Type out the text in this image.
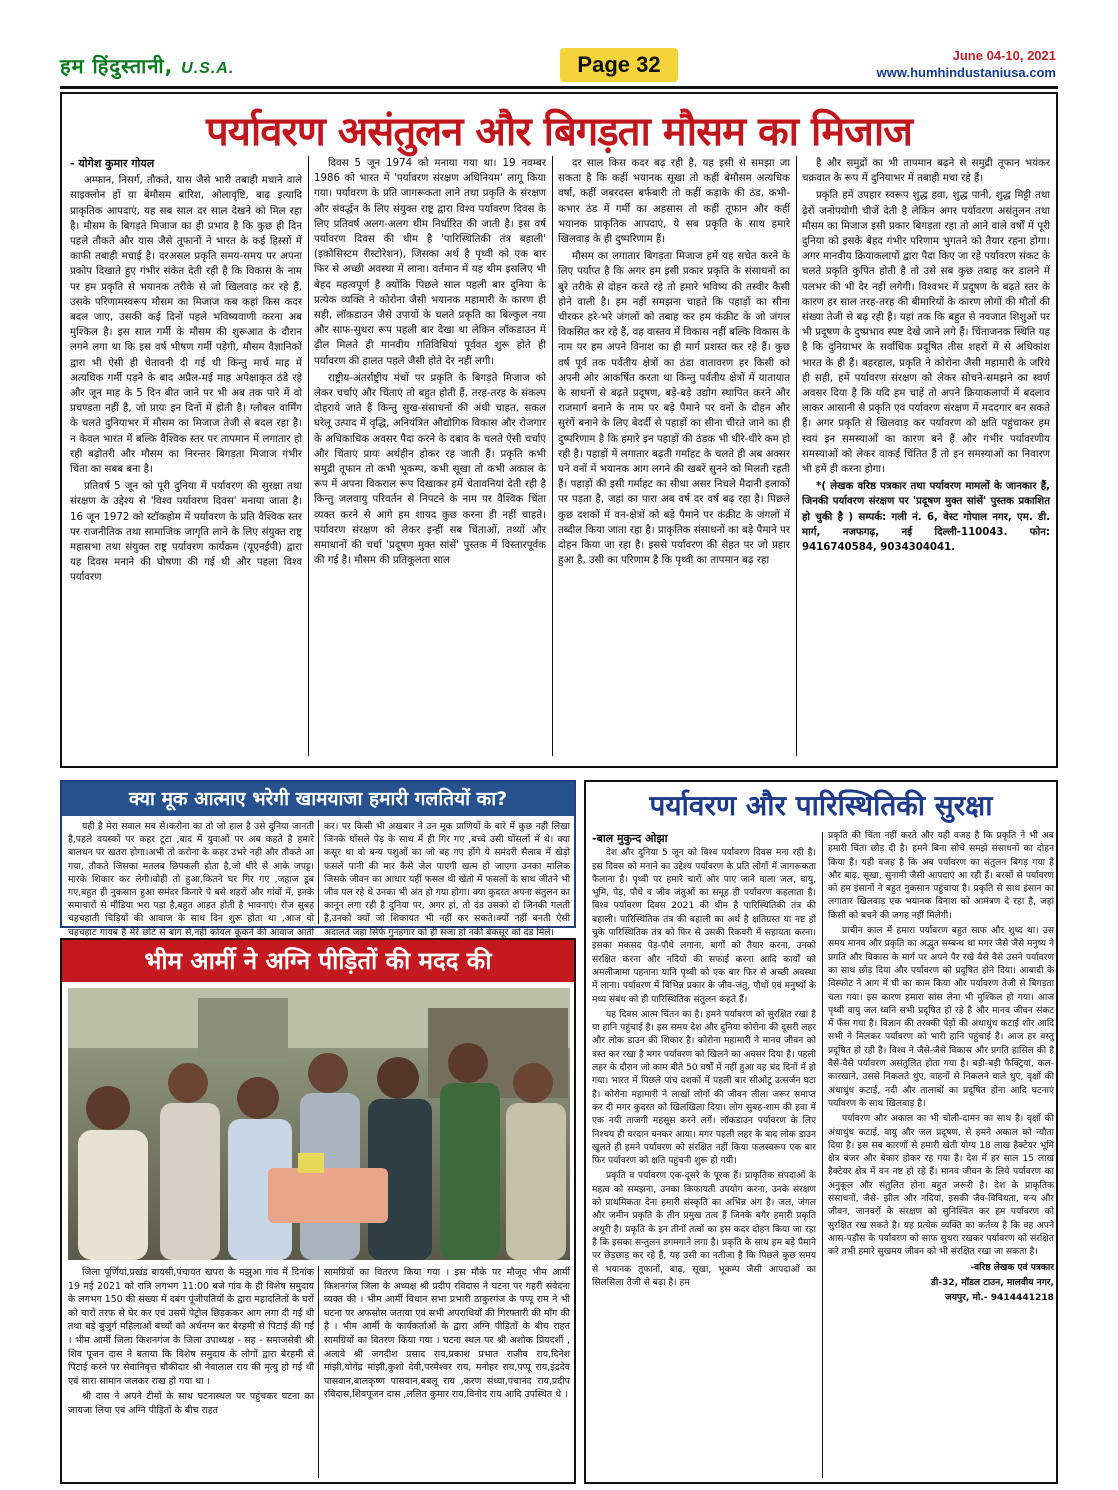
हम हिंदुस्तानी, U.S.A.	Page 32	June 04-10, 2021
www.humhindustaniusa.com
पर्यावरण असंतुलन और बिगड़ता मौसम का मिजाज

- योगेश कुमार गोयल

अम्फान, निसर्ग, तौकते, यास जैसे भारी तबाही मचाने वाले साइक्लोन हों या बेमौसम बारिश, ओलावृष्टि, बाढ़ इत्यादि प्राकृतिक आपदाएं, यह सब साल दर साल देखने को मिल रहा है। मौसम के बिगड़ते मिजाज का ही प्रभाव है कि कुछ ही दिन पहले तौकते और यास जैसे तूफानों ने भारत के कई हिस्सों में काफी तबाही मचाई है। दरअसल प्रकृति समय-समय पर अपना प्रकोप दिखाते हुए गंभीर संकेत देती रही है कि विकास के नाम पर हम प्रकृति से भयानक तरीके से जो खिलवाड़ कर रहे हैं, उसके परिणामस्वरूप मौसम का मिजाज कब कहां किस कदर बदल जाए, उसकी कई दिनों पहले भविष्यवाणी करना अब मुश्किल है। इस साल गर्मी के मौसम की शुरूआत के दौरान लगने लगा था कि इस वर्ष भीषण गर्मी पड़ेगी, मौसम वैज्ञानिकों द्वारा भी ऐसी ही चेतावनी दी गई थी किन्तु मार्च माह में अत्यधिक गर्मी पड़ने के बाद अप्रैल-मई माह अपेक्षाकृत ठंडे रहे और जून माह के 5 दिन बीत जाने पर भी अब तक पारे में वो प्रचण्डता नहीं है, जो प्रायः इन दिनों में होती है। ग्लोबल वार्मिंग के चलते दुनियाभर में मौसम का मिजाज तेजी से बदल रहा है। न केवल भारत में बल्कि वैश्विक स्तर पर तापमान में लगातार हो रही बढ़ोतरी और मौसम का निरन्तर बिगड़ता मिजाज गंभीर चिंता का सबब बना है।

प्रतिवर्ष 5 जून को पूरी दुनिया में पर्यावरण की सुरक्षा तथा संरक्षण के उद्देश्य से 'विश्व पर्यावरण दिवस' मनाया जाता है। 16 जून 1972 को स्टॉकहोम में पर्यावरण के प्रति वैश्विक स्तर पर राजनीतिक तथा सामाजिक जागृति लाने के लिए संयुक्त राष्ट्र महासभा तथा संयुक्त राष्ट्र पर्यावरण कार्यक्रम (यूएनईपी) द्वारा यह दिवस मनाने की घोषणा की गई थी और पहला विश्व पर्यावरण

दिवस 5 जून 1974 को मनाया गया था। 19 नवम्बर 1986 को भारत में 'पर्यावरण संरक्षण अधिनियम' लागू किया गया। पर्यावरण के प्रति जागरूकता लाने तथा प्रकृति के संरक्षण और संवर्द्धन के लिए संयुक्त राष्ट्र द्वारा विश्व पर्यावरण दिवस के लिए प्रतिवर्ष अलग-अलग थीम निर्धारित की जाती है। इस वर्ष पर्यावरण दिवस की थीम है 'पारिस्थितिकी तंत्र बहाली' (इकोसिस्टम रीस्टोरेशन), जिसका अर्थ है पृथ्वी को एक बार फिर से अच्छी अवस्था में लाना। वर्तमान में यह थीम इसलिए भी बेहद महत्वपूर्ण है क्योंकि पिछले साल पहली बार दुनिया के प्रत्येक व्यक्ति ने कोरोना जैसी भयानक महामारी के कारण ही सही, लॉकडाउन जैसे उपायों के चलते प्रकृति का बिल्कुल नया और साफ-सुथरा रूप पहली बार देखा था लेकिन लॉकडाउन में ढ़ील मिलते ही मानवीय गतिविधियां पूर्ववत शुरू होते ही पर्यावरण की हालत पहले जैसी होते देर नहीं लगी।

राष्ट्रीय-अंतर्राष्ट्रीय मंचों पर प्रकृति के बिगड़ते मिजाज को लेकर चर्चाएं और चिंताएं तो बहुत होती हैं, तरह-तरह के संकल्प दोहराये जाते हैं किन्तु सुख-संसाधनों की अंधी चाहत, सकल घरेलू उत्पाद में वृद्धि, अनियंत्रित औद्योगिक विकास और रोजगार के अधिकाधिक अवसर पैदा करने के दबाव के चलते ऐसी चर्चाएं और चिंताएं प्रायः अर्थहीन होकर रह जाती हैं। प्रकृति कभी समुद्री तूफान तो कभी भूकम्प, कभी सूखा तो कभी अकाल के रूप में अपना विकराल रूप दिखाकर हमें चेतावनियां देती रही है किन्तु जलवायु परिवर्तन से निपटने के नाम पर वैश्विक चिंता व्यक्त करने से आगे हम शायद कुछ करना ही नहीं चाहते। पर्यावरण संरक्षण को लेकर इन्हीं सब चिंताओं, तथ्यों और समाधानों की चर्चा 'प्रदूषण मुक्त सांसें' पुस्तक में विस्तारपूर्वक की गई है। मौसम की प्रतिकूलता साल

दर साल किस कदर बढ़ रही है, यह इसी से समझा जा सकता है कि कहीं भयानक सूखा तो कहीं बेमौसम अत्यधिक वर्षा, कहीं जबरदस्त बर्फबारी तो कहीं कड़ाके की ठंड, कभी-कभार ठंड में गर्मी का अहसास तो कहीं तूफान और कहीं भयानक प्राकृतिक आपदाएं, ये सब प्रकृति के साथ हमारे खिलवाड़ के ही दुष्परिणाम हैं।

मौसम का लगातार बिगड़ता मिजाज हमें यह सचेत करने के लिए पर्याप्त है कि अगर हम इसी प्रकार प्रकृति के संसाधनों का बुरे तरीके से दोहन करते रहे तो हमारे भविष्य की तस्वीर कैसी होने वाली है। हम नहीं समझना चाहते कि पहाड़ों का सीना चीरकर हरे-भरे जंगलों को तबाह कर हम कंक्रीट के जो जंगल विकसित कर रहे हैं, वह वास्तव में विकास नहीं बल्कि विकास के नाम पर हम अपने विनाश का ही मार्ग प्रशस्त कर रहे हैं। कुछ वर्ष पूर्व तक पर्वतीय क्षेत्रों का ठंडा वातावरण हर किसी को अपनी ओर आकर्षित करता था किन्तु पर्वतीय क्षेत्रों में यातायात के साधनों से बढ़ते प्रदूषण, बड़े-बड़े उद्योग स्थापित करने और राजमार्ग बनाने के नाम पर बड़े पैमाने पर वनों के दोहन और सुरंगें बनाने के लिए बेदर्दी से पहाड़ों का सीना चीरते जाने का ही दुष्परिणाम है कि हमारे इन पहाड़ों की ठंडक भी धीरे-धीरे कम हो रही है। पहाड़ों में लगातार बढ़ती गर्माहट के चलते ही अब अक्सर घने वनों में भयानक आग लगने की खबरें सुनने को मिलती रहती हैं। पहाड़ों की इसी गर्माहट का सीधा असर निचले मैदानी इलाकों पर पड़ता है, जहां का पारा अब वर्ष दर वर्ष बढ़ रहा है। पिछले कुछ दशकों में वन-क्षेत्रों को बड़े पैमाने पर कंक्रीट के जंगलों में तब्दील किया जाता रहा है। प्राकृतिक संसाधनों का बड़े पैमाने पर दोहन किया जा रहा है। इससे पर्यावरण की सेहत पर जो प्रहार हुआ है, उसी का परिणाम है कि पृथ्वी का तापमान बढ़ रहा

है और समुद्रों का भी तापमान बढ़ने से समुद्री तूफान भयंकर चक्रवात के रूप में दुनियाभर में तबाही मचा रहे हैं।

प्रकृति हमें उपहार स्वरूप शुद्ध हवा, शुद्ध पानी, शुद्ध मिट्टी तथा ढ़ेरों जनोपयोगी चीजें देती है लेकिन अगर पर्यावरण असंतुलन तथा मौसम का मिजाज इसी प्रकार बिगड़ता रहा तो आने वाले वर्षों में पूरी दुनिया को इसके बेहद गंभीर परिणाम भुगतने को तैयार रहना होगा। अगर मानवीय क्रियाकलापों द्वारा पैदा किए जा रहे पर्यावरण संकट के चलते प्रकृति कुपित होती है तो उसे सब कुछ तबाह कर डालने में पलभर की भी देर नहीं लगेगी। विश्वभर में प्रदूषण के बढ़ते स्तर के कारण हर साल तरह-तरह की बीमारियों के कारण लोगों की मौतों की संख्या तेजी से बढ़ रही है। यहां तक कि बहुत से नवजात शिशुओं पर भी प्रदूषण के दुष्प्रभाव स्पष्ट देखे जाने लगे हैं। चिंताजनक स्थिति यह है कि दुनियाभर के सर्वाधिक प्रदूषित तीस शहरों में से अधिकांश भारत के ही हैं। बहरहाल, प्रकृति ने कोरोना जैसी महामारी के जरिये ही सही, हमें पर्यावरण संरक्षण को लेकर सोचने-समझने का स्वर्ण अवसर दिया है कि यदि हम चाहें तो अपने क्रियाकलापों में बदलाव लाकर आसानी से प्रकृति एवं पर्यावरण संरक्षण में मददगार बन सकते हैं। अगर प्रकृति से खिलवाड़ कर पर्यावरण को क्षति पहुंचाकर हम स्वयं इन समस्याओं का कारण बने हैं और गंभीर पर्यावरणीय समस्याओं को लेकर वाकई चिंतित हैं तो इन समस्याओं का निवारण भी हमें ही करना होगा।

*( लेखक वरिष्ठ पत्रकार तथा पर्यावरण मामलों के जानकार हैं, जिनकी पर्यावरण संरक्षण पर 'प्रदूषण मुक्त सांसें' पुस्तक प्रकाशित हो चुकी है ) सम्पर्क: गली नं. 6, वेस्ट गोपाल नगर, एम. डी. मार्ग, नजफगढ़, नई दिल्ली-110043. फोन: 9416740584, 9034304041.

क्या मूक आत्माए भरेगी खामयाजा हमारी गलतियों का?

यही है मेरा सवाल सब से।करोना का तो जो हाल है उसे दुनिया जानती है,पहले वयस्कों पर कहर टूटा ,बाद में युवाओं पर अब कहते है हमारे बालधन पर खतरा होगा।अभी तो करोना के कहर उभरे नही और तौकते आ गया, तौकते जिसका मतलब छिपकली होता है,जो धीरे से आके जपट्ट। मारके शिकार कर लेगी।वोही तो हुआ,कितने घर गिर गए ,जहाज डूब गए,बहुत ही नुकसान हुआ समंदर किनारे पे बसे शहरों और गांवों में, इनके समाचारों से मीडिया भरा पड़ा है,बहुत आहत होती है भावनाएं। रोज सुबह चहचहाती चिड़ियों की आवाज के साथ दिन शुरू होता था ,आज वो चहचहाट गायब है मेरे छोटे से बाग से,नही कोयल कूकने की आवाज आती

कर। पर किसी भी अखबार ने उन मूक प्राणियों के बारे में कुछ नही लिखा जिनके घोंसले पेड़ के साथ में ही गिर गए ,बच्चे उसी घोंसलों में थे। क्या कसूर था वो बन्य पशुओं का जो बह गए होंगे ये समंदरी सैलाब में खेड़ो फसलें पानी की मार कैसे जेल पाएगी खत्म हो जाएगा उनका मालिक जिसके जीवन का आधार यहीं फसल थी खेतो में फसलों के साथ जीतने भी जीव पल रहे थे उनका भी अंत हो गया होगा। क्या कुदरत अपना संतुलन का कानून लगा रही है दुनिया पर, अगर हां, तो दंड उसको दो जिनकी गलती है,उनको क्यों जो शिकायत भी नहीं कर सकते।क्यों नहीं बनती ऐसी अदालतें जहा सिर्फ गुनहगार को ही सजा हो नकी बेकसूर को दंड मिले।

भीम आर्मी ने अग्नि पीड़ितों की मदद की

जिला पूर्णियां,प्रखंड बायसी,पंचायत खपरा के मझुआ गांव में दिनांक 19 मई 2021 को रात्रि लगभग 11:00 बजे गांव के ही विशेष समुदाय के लगभग 150 की संख्या में दबंग पूंजीपतियों के द्वारा महादलितों के घरों को चारों तरफ से घेर कर एवं उसमें पेट्रोल छिड़ककर आग लगा दी गई थी तथा बड़े बुजुर्ग महिलाओं बच्चों को अर्धनग्न कर बेरहमी से पिटाई की गई । भीम आर्मी जिला किशनगंज के जिला उपाध्यक्ष - सह - समाजसेवी श्री शिव पूजन दास ने बताया कि विशेष समुदाय के लोगों द्वारा बेरहमी से पिटाई करने पर सेवानिवृत्त चौकीदार श्री नेवालाल राय की मृत्यु हो गई थी एवं सारा सामान जलकर राख हो गया था ।

श्री दास ने अपने टीमों के साथ घटनास्थल पर पहुंचकर घटना का जायजा लिया एवं अग्नि पीड़ितों के बीच राहत

सामग्रियों का वितरण किया गया । इस मौके पर मौजूद भीम आर्मी किशनगंज जिला के अध्यक्ष श्री प्रदीप रविदास ने घटना पर गहरी संवेदना व्यक्त की । भीम आर्मी विधान सभा प्रभारी ठाकुरगंज के पप्पू राम ने भी घटना पर अफसोस जताया एवं सभी अपराधियों की गिरफ्तारी की माँग की है । भीम आर्मी के कार्यकर्ताओं के द्वारा अग्नि पीड़ितों के बीच राहत सामग्रियों का वितरण किया गया । घटना स्थल पर श्री अशोक प्रियदर्शी , अलावे श्री जगदीश प्रसाद राय,प्रकाश प्रभात राजीव राय,दिनेश मांझी,योगेंद्र मांझी,कुशो देवी,परमेश्वर राय, मनोहर राय,पप्पू राय,इंद्रदेव पासवान,बालकृष्ण पासवान,बबलू राय ,करण संध्या,पंचानंद राय,प्रदीप रविदास,शिवपूजन दास ,ललित कुमार राय,विनोद राय आदि उपस्थित थे ।

पर्यावरण और पारिस्थितिकी सुरक्षा

-बाल मुकुन्द ओझा

देश और दुनिया 5 जून को विश्व पर्यावरण दिवस मना रही है। इस दिवस को मनाने का उद्देश्य पर्यावरण के प्रति लोगों में जागरूकता फैलाना है। पृथ्वी पर हमारे चारों ओर पाए जाने वाला जल, वायु, भूमि, पेड़, पौधे व जीव जंतुओं का समूह ही पर्यावरण कहलाता है। विश्व पर्यावरण दिवस 2021 की थीम है पारिस्थितिकी तंत्र की बहाली। पारिस्थितिक तंत्र की बहाली का अर्थ है क्षतिग्रस्त या नष्ट हो चुके पारिस्थितिक तंत्र को फिर से उसकी रिकवरी में सहायता करना। इसका मकसद पेड़-पौधे लगाना, बागों को तैयार करना, उनको संरक्षित करना और नदियों की सफाई करना आदि कार्यों को अमलीजामा पहनाना यानि पृथ्वी को एक बार फिर से अच्छी अवस्था में लाना। पर्यावरण में विभिन्न प्रकार के जीव-जंतु, पौधों एवं मनुष्यों के मध्य संबंध को ही पारिस्थितिक संतुलन कहते हैं।

यह दिवस आत्म चिंतन का है। हमने पर्यावरण को सुरक्षित रखा है या हानि पहुंचाई है। इस समय देश और दुनिया कोरोना की दूसरी लहर और लोक डाउन की शिकार है। कोरोना महामारी ने मानव जीवन को त्रस्त कर रखा है मगर पर्यावरण को खिलने का अवसर दिया है। पहली लहर के दौरान जो काम बीते 50 वर्षों में नहीं हुआ वह चंद दिनों में हो गया। भारत में पिछले पांच दशकों में पहली बार सीओटू उत्सर्जन घटा है। कोरोना महामारी ने लाखों लोगों की जीवन लीला जरूर समाप्त कर दी मगर कुदरत को खिलखिला दिया। लोग सुबह-शाम की हवा में एक नयी ताजगी महसूस करने लगें। लॉकडाउन पर्यावरण के लिए निश्चय ही वरदान बनकर आया। मगर पहली लहर के बाद लोक डाउन खुलते ही हमने पर्यावरण को संरक्षित नहीं किया फलस्वरूप एक बार फिर पर्यावरण को क्षति पहुंचनी शुरू हो गयी।

प्रकृति व पर्यावरण एक-दूसरे के पूरक हैं। प्राकृतिक संपदाओं के महत्व को समझना, उनका किफायती उपयोग करना, उनके संरक्षण को प्राथमिकता देना हमारी संस्कृति का अभिन्न अंग है। जल, जंगल और जमीन प्रकृति के तीन प्रमुख तत्व हैं जिनके बगैर हमारी प्रकृति अधूरी है। प्रकृति के इन तीनों तत्वों का इस कदर दोहन किया जा रहा है कि इसका सन्तुलन डगमगाने लगा है। प्रकृति के साथ हम बड़े पैमाने पर छेड़छाड़ कर रहे हैं, यह उसी का नतीजा है कि पिछले कुछ समय से भयानक तूफानों, बाढ़, सूखा, भूकम्प जैसी आपदाओं का सिलसिला तेजी से बढ़ा है। हम

प्रकृति की चिंता नहीं करते और यही वजह है कि प्रकृति ने भी अब हमारी चिंता छोड़ दी है। हमने बिना सोचे समझे संसाधनों का दोहन किया है। यही वजह है कि अब पर्यावरण का संतुलन बिगड़ गया है और बाढ़, सूखा, सुनामी जैसी आपदाएं आ रही हैं। बरसों से पर्यावरण को हम इंसानों ने बहुत नुकसान पहुंचाया है। प्रकृति से साथ इंसान का लगातार खिलवाड़ एक भयानक विनाश को आमंत्रण दे रहा है, जहां किसी को बचने की जगह नहीं मिलेगी।

प्राचीन काल में हमारा पर्यावरण बहुत साफ और शुध्द था। उस समय मानव और प्रकृति का अद्भुत सम्बन्ध था मगर जैसे जैसे मनुष्य ने प्रगति और विकास के मार्ग पर अपने पैर रखे वैसे वैसे उसने पर्यावरण का साथ छोड़ दिया और पर्यावरण को प्रदूषित होने दिया। आबादी के विस्फोट ने आग में घी का काम किया और पर्यावरण तेजी से बिगड़ता चला गया। इस कारण हमारा सांस लेना भी मुश्किल हो गया। आज पृथ्वी वायु जल ध्वनि सभी प्रदूषित हो रहे है और मानव जीवन संकट में फँस गया है। विज्ञान की तरक्की पेड़ों की अंधाधुंध कटाई शोर आदि सभी ने मिलकर पर्यावरण को भारी हानि पहुंचाई है। आज हर वस्तु प्रदूषित हो रही है। विश्व ने जैसे-जैसे विकास और प्रगति हासिल की है वैसे-वैसे पर्यावरण असंतुलित होता गया है। बड़ी-बड़ी फैक्ट्रियां, कल-कारखाने, उससे निकलते धुंए, वाहनों से निकलने वाले धुएं, वृक्षों की अंधाधुंध कटाई, नदी और तालाबों का प्रदूषित होना आदि घटनाएं पर्यावरण के साथ खिलवाड़ है।

पर्यावरण और अकाल का भी चोली-दामन का साथ है। वृक्षों की अंधाधुंध कटाई, वायु और जल प्रदूषण, से हमने अकाल को न्यौता दिया है। इस सब कारणों से हमारी खेती योग्य 18 लाख हैक्टेयर भूमि क्षेत्र बंजर और बेकार होकर रह गया है। देश में हर साल 15 लाख हैक्टेयर क्षेत्र में वन नष्ट हो रहे हैं। मानव जीवन के लिये पर्यावरण का अनुकूल और संतुलित होना बहुत जरूरी है। देश के प्राकृतिक संसाधनों, जैसे- झील और नदियां, इसकी जैव-विविधता, वन्य और जीवन, जानवरों के संरक्षण को सुनिश्चित कर हम पर्यावरण को सुरक्षित रख सकते है। यह प्रत्येक व्यक्ति का कर्तव्य है कि वह अपने आस-पड़ौस के पर्यावरण को साफ सुथरा रखकर पर्यावरण को संरक्षित करे तभी हमारे सुखमय जीवन को भी संरक्षित रखा जा सकता है।

-वरिष्ठ लेखक एवं पत्रकार

डी-32, मॉडल टाउन, मालवीय नगर,

जयपुर, मो.- 9414441218
